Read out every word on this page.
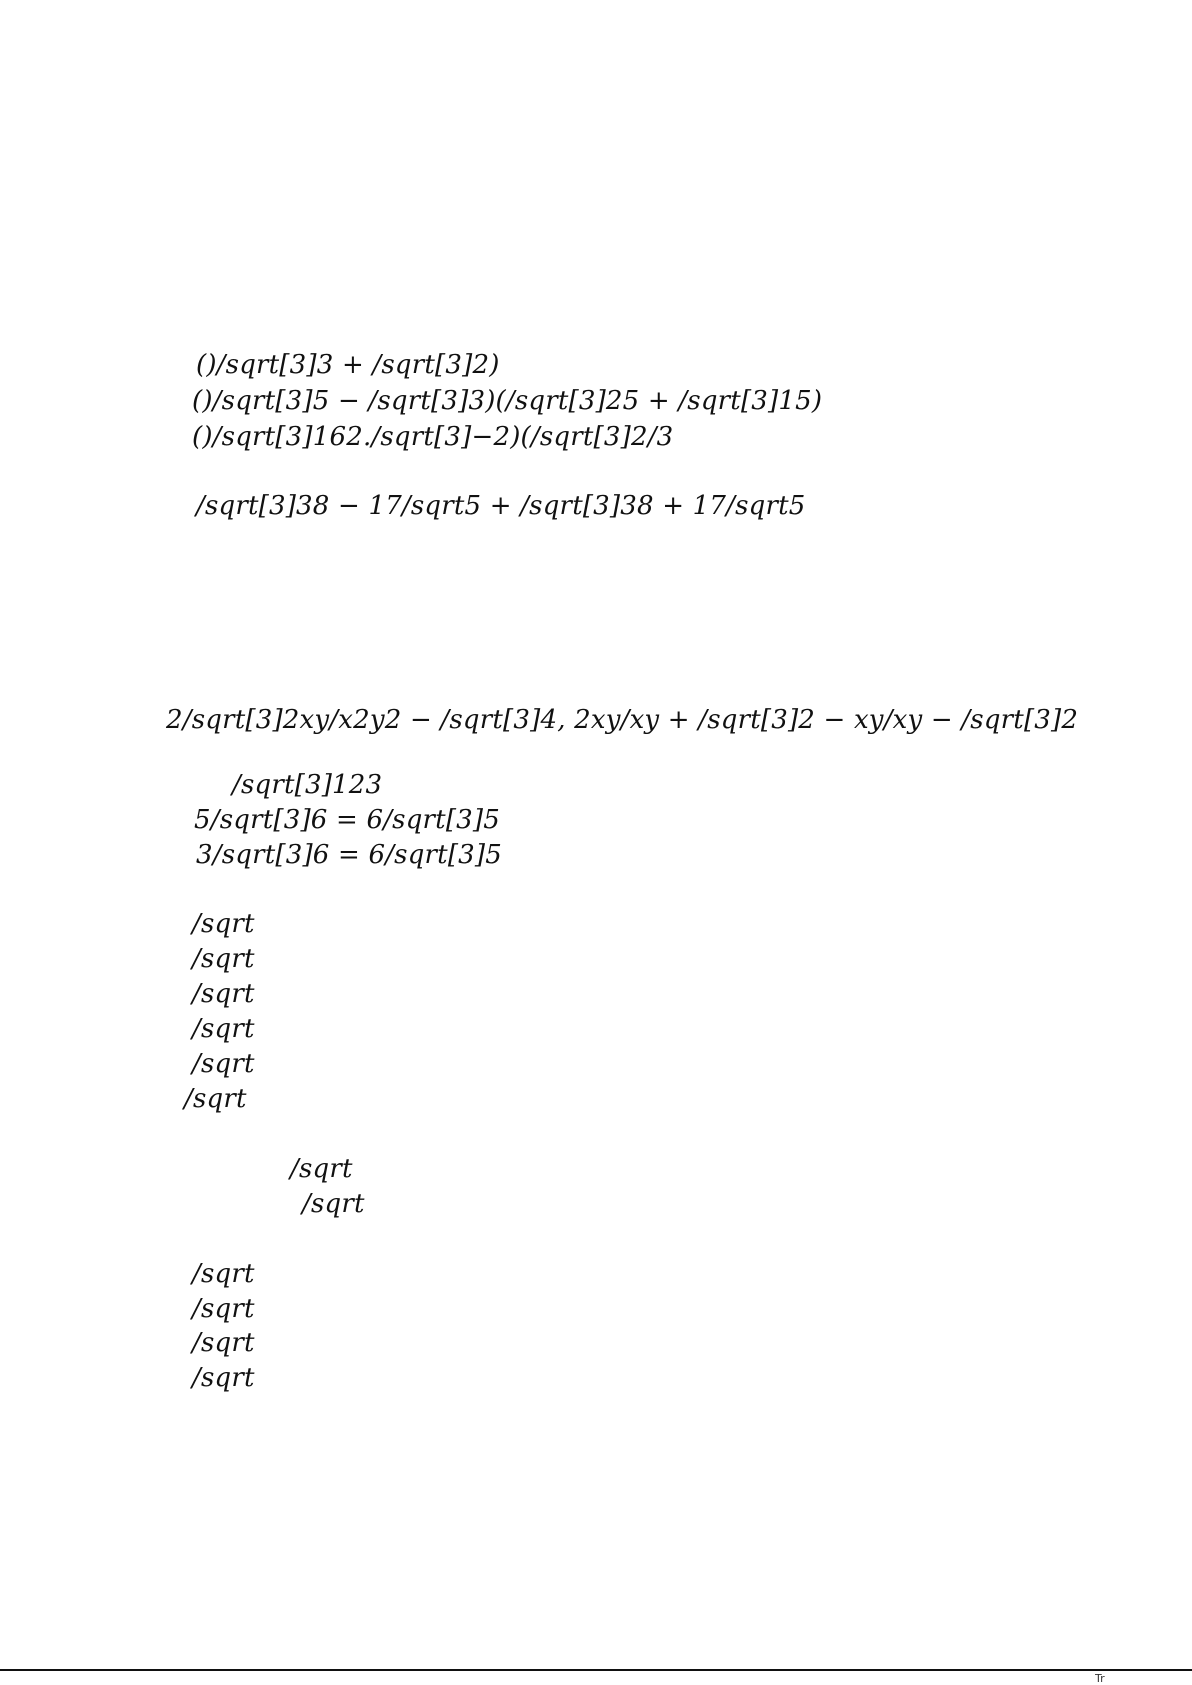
()/sqrt[3]3 + /sqrt[3]2)
()/sqrt[3]5 − /sqrt[3]3)(/sqrt[3]25 + /sqrt[3]15)
()/sqrt[3]162./sqrt[3]−2)(/sqrt[3]2/3
/sqrt[3]38 − 17/sqrt5 + /sqrt[3]38 + 17/sqrt5
2/sqrt[3]2xy/x2y2 − /sqrt[3]4, 2xy/xy + /sqrt[3]2 − xy/xy − /sqrt[3]2
/sqrt[3]123
5/sqrt[3]6 = 6/sqrt[3]5
3/sqrt[3]6 = 6/sqrt[3]5
/sqrt
/sqrt
/sqrt
/sqrt
/sqrt
/sqrt
/sqrt
/sqrt
/sqrt
/sqrt
/sqrt
/sqrt
Tr
